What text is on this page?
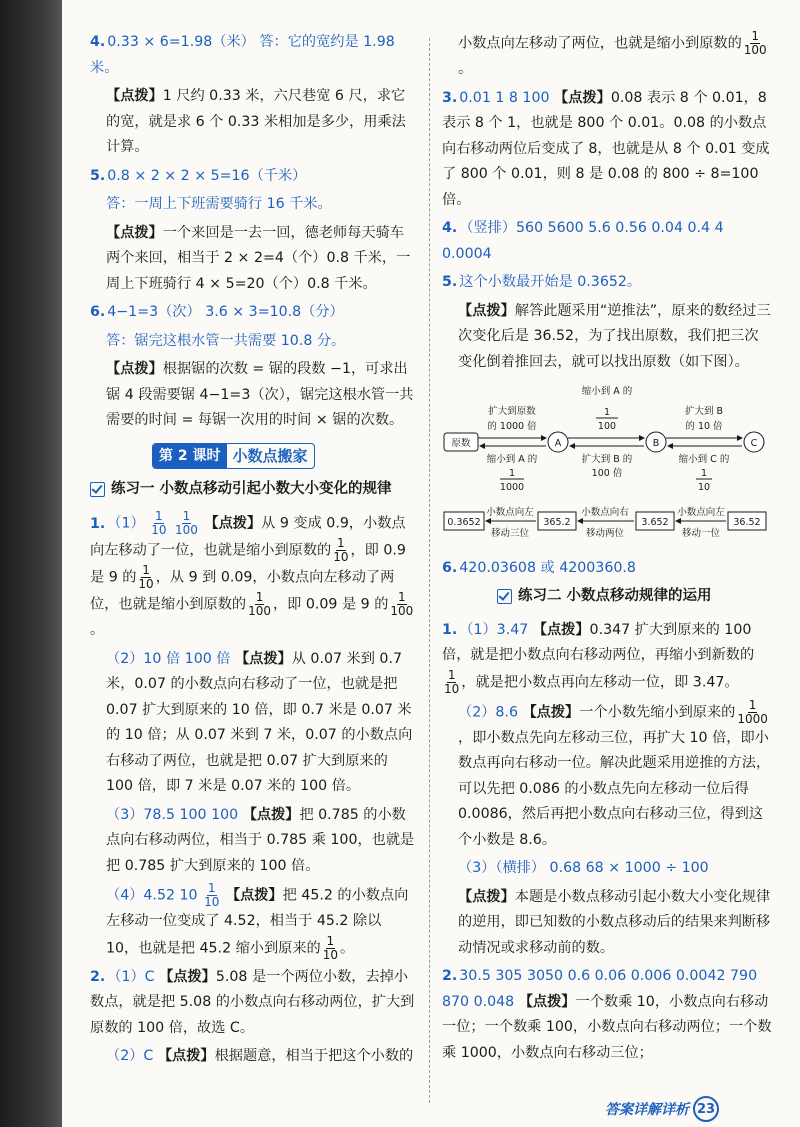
4. 0.33 × 6=1.98（米） 答：它的宽约是 1.98 米。

【点拨】1 尺约 0.33 米，六尺巷宽 6 尺，求它的宽，就是求 6 个 0.33 米相加是多少，用乘法计算。

5. 0.8 × 2 × 2 × 5=16（千米）

答：一周上下班需要骑行 16 千米。

【点拨】一个来回是一去一回，德老师每天骑车两个来回，相当于 2 × 2=4（个）0.8 千米，一周上下班骑行 4 × 5=20（个）0.8 千米。

6. 4−1=3（次） 3.6 × 3=10.8（分）

答：锯完这根水管一共需要 10.8 分。

【点拨】根据锯的次数 = 锯的段数 −1，可求出锯 4 段需要锯 4−1=3（次），锯完这根水管一共需要的时间 = 每锯一次用的时间 × 锯的次数。

第 2 课时 小数点搬家
练习一 小数点移动引起小数大小变化的规律

1. $(1) \frac{1}{10}$
$\frac{1}{100}$ 【点拨】从 9 变成 0.9，小数点向左移动了一位，也就是缩小到原数的 $\frac{1}{10}$ ，即 0.9 是 9 的 $\frac{1}{10}$ ，从 9 到 0.09，小数点向左移动了两位，也就是缩小到原数的 $\frac{1}{100}$ ，即 0.09 是 9 的 $\frac{1}{100}$
。

（2）10 倍 100 倍 【点拨】从 0.07 米到 0.7 米，0.07 的小数点向右移动了一位，也就是把 0.07 扩大到原来的 10 倍，即 0.7 米是 0.07 米的 10 倍；从 0.07 米到 7 米，0.07 的小数点向右移动了两位，也就是把 0.07 扩大到原来的 100 倍，即 7 米是 0.07 米的 100 倍。

（3）78.5 100 100 【点拨】把 0.785 的小数点向右移动两位，相当于 0.785 乘 100，也就是把 0.785 扩大到原来的 100 倍。

（4）4.52 $10 \frac{1}{10}$ 【点拨】把 45.2 的小数点向左移动一位变成了 4.52，相当于 45.2 除以 10，也就是把 45.2 缩小到原来的 $\frac{1}{10}$ 。

2. （1）C 【点拨】5.08 是一个两位小数，去掉小数点，就是把 5.08 的小数点向右移动两位，扩大到原数的 100 倍，故选 C。

（2）C 【点拨】根据题意，相当于把这个小数的

小数点向左移动了两位，也就是缩小到原数的 $\frac{1}{100}$
。

3. 0.01 1 8 100 【点拨】0.08 表示 8 个 0.01，8 表示 8 个 1，也就是 800 个 0.01。0.08 的小数点向右移动两位后变成了 8，也就是从 8 个 0.01 变成了 800 个 0.01，则 8 是 0.08 的 800 ÷ 8=100 倍。

4. （竖排）560 5600 5.6 0.56 0.04 0.4 4 0.0004

5. 这个小数最开始是 0.3652。

【点拨】解答此题采用“逆推法”，原来的数经过三次变化后是 36.52，为了找出原数，我们把三次变化倒着推回去，就可以找出原数（如下图）。

原数	A	B	C
扩大到原数
的 1000 倍
缩小到 A 的
1
100
扩大到 B
的 10 倍
缩小到 A 的
1
1000
扩大到 B 的
100 倍
缩小到 C 的
1
10
0.3652	365.2	3.652	36.52
小数点向左
移动三位
小数点向右
移动两位
小数点向左
移动一位

6. 420.03608 或 4200360.8

练习二 小数点移动规律的运用

1. （1）3.47 【点拨】0.347 扩大到原来的 100 倍，就是把小数点向右移动两位，再缩小到新数的
$\frac{1}{10}$ ，就是把小数点再向左移动一位，即 3.47。

（2）8.6 【点拨】一个小数先缩小到原来的 $\frac{1}{1000}$
，即小数点先向左移动三位，再扩大 10 倍，即小数点再向右移动一位。解决此题采用逆推的方法，可以先把 0.086 的小数点先向左移动一位后得 0.0086，然后再把小数点向右移动三位，得到这个小数是 8.6。

（3）（横排） 0.68 68 × 1000 ÷ 100

【点拨】本题是小数点移动引起小数大小变化规律的逆用，即已知数的小数点移动后的结果来判断移动情况或求移动前的数。

2. 30.5 305 3050 0.6 0.06 0.006 0.0042 790 870 0.048 【点拨】一个数乘 10，小数点向右移动一位；一个数乘 100，小数点向右移动两位；一个数乘 1000，小数点向右移动三位；

答案详解详析 23
